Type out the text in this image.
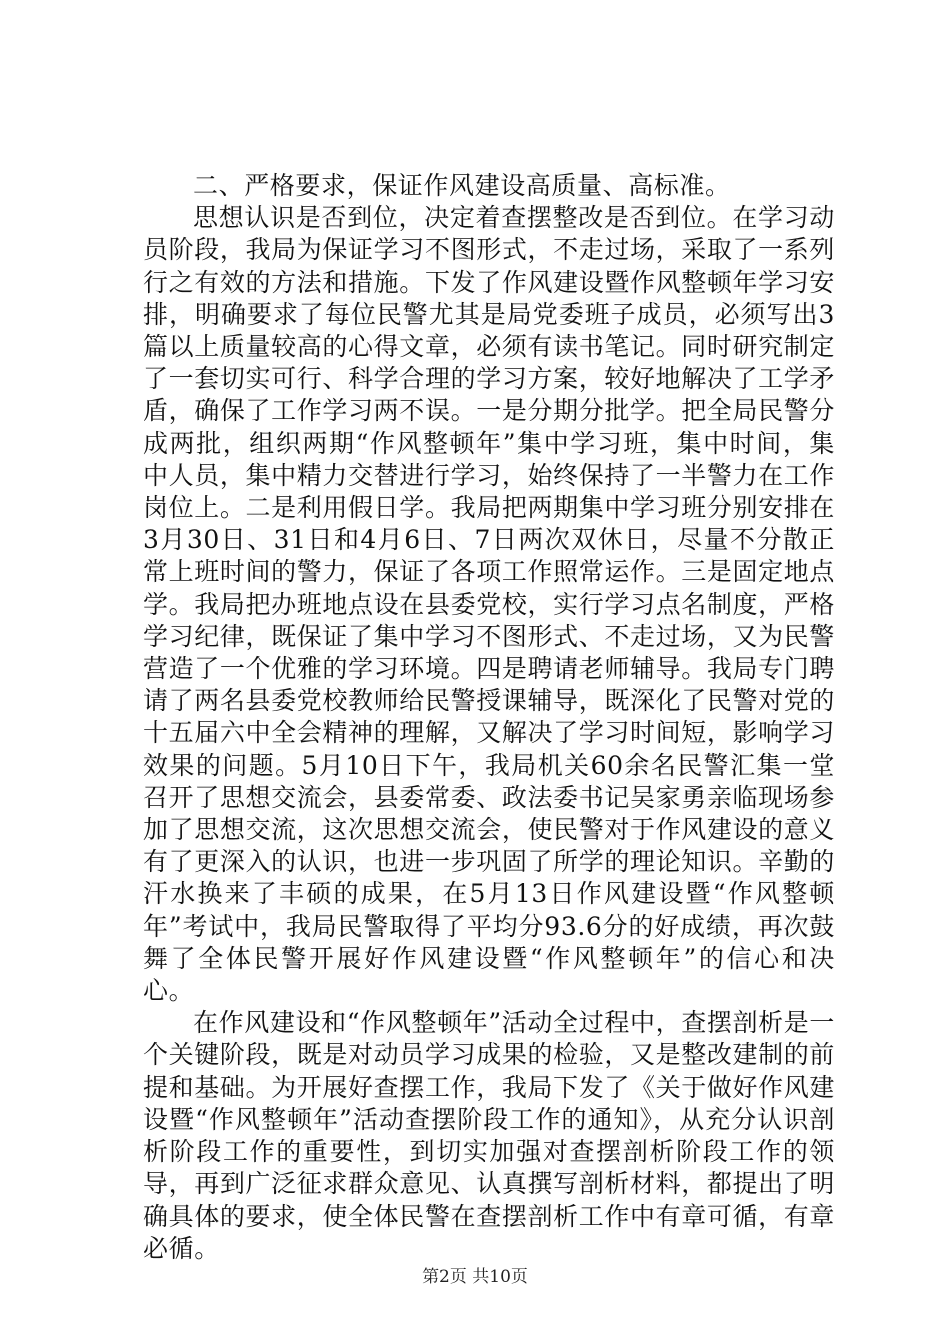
二、严格要求，保证作风建设高质量、高标准。

思想认识是否到位，决定着查摆整改是否到位。在学习动员阶段，我局为保证学习不图形式，不走过场，采取了一系列行之有效的方法和措施。下发了作风建设暨作风整顿年学习安排，明确要求了每位民警尤其是局党委班子成员，必须写出3篇以上质量较高的心得文章，必须有读书笔记。同时研究制定了一套切实可行、科学合理的学习方案，较好地解决了工学矛盾，确保了工作学习两不误。一是分期分批学。把全局民警分成两批，组织两期“作风整顿年”集中学习班，集中时间，集中人员，集中精力交替进行学习，始终保持了一半警力在工作岗位上。二是利用假日学。我局把两期集中学习班分别安排在3月30日、31日和4月6日、7日两次双休日，尽量不分散正常上班时间的警力，保证了各项工作照常运作。三是固定地点学。我局把办班地点设在县委党校，实行学习点名制度，严格学习纪律，既保证了集中学习不图形式、不走过场，又为民警营造了一个优雅的学习环境。四是聘请老师辅导。我局专门聘请了两名县委党校教师给民警授课辅导，既深化了民警对党的十五届六中全会精神的理解，又解决了学习时间短，影响学习效果的问题。5月10日下午，我局机关60余名民警汇集一堂召开了思想交流会，县委常委、政法委书记吴家勇亲临现场参加了思想交流，这次思想交流会，使民警对于作风建设的意义有了更深入的认识，也进一步巩固了所学的理论知识。辛勤的汗水换来了丰硕的成果，在5月13日作风建设暨“作风整顿年”考试中，我局民警取得了平均分93.6分的好成绩，再次鼓舞了全体民警开展好作风建设暨“作风整顿年”的信心和决心。

在作风建设和“作风整顿年”活动全过程中，查摆剖析是一个关键阶段，既是对动员学习成果的检验，又是整改建制的前提和基础。为开展好查摆工作，我局下发了《关于做好作风建设暨“作风整顿年”活动查摆阶段工作的通知》，从充分认识剖析阶段工作的重要性，到切实加强对查摆剖析阶段工作的领导，再到广泛征求群众意见、认真撰写剖析材料，都提出了明确具体的要求，使全体民警在查摆剖析工作中有章可循，有章必循。

第2页 共10页
